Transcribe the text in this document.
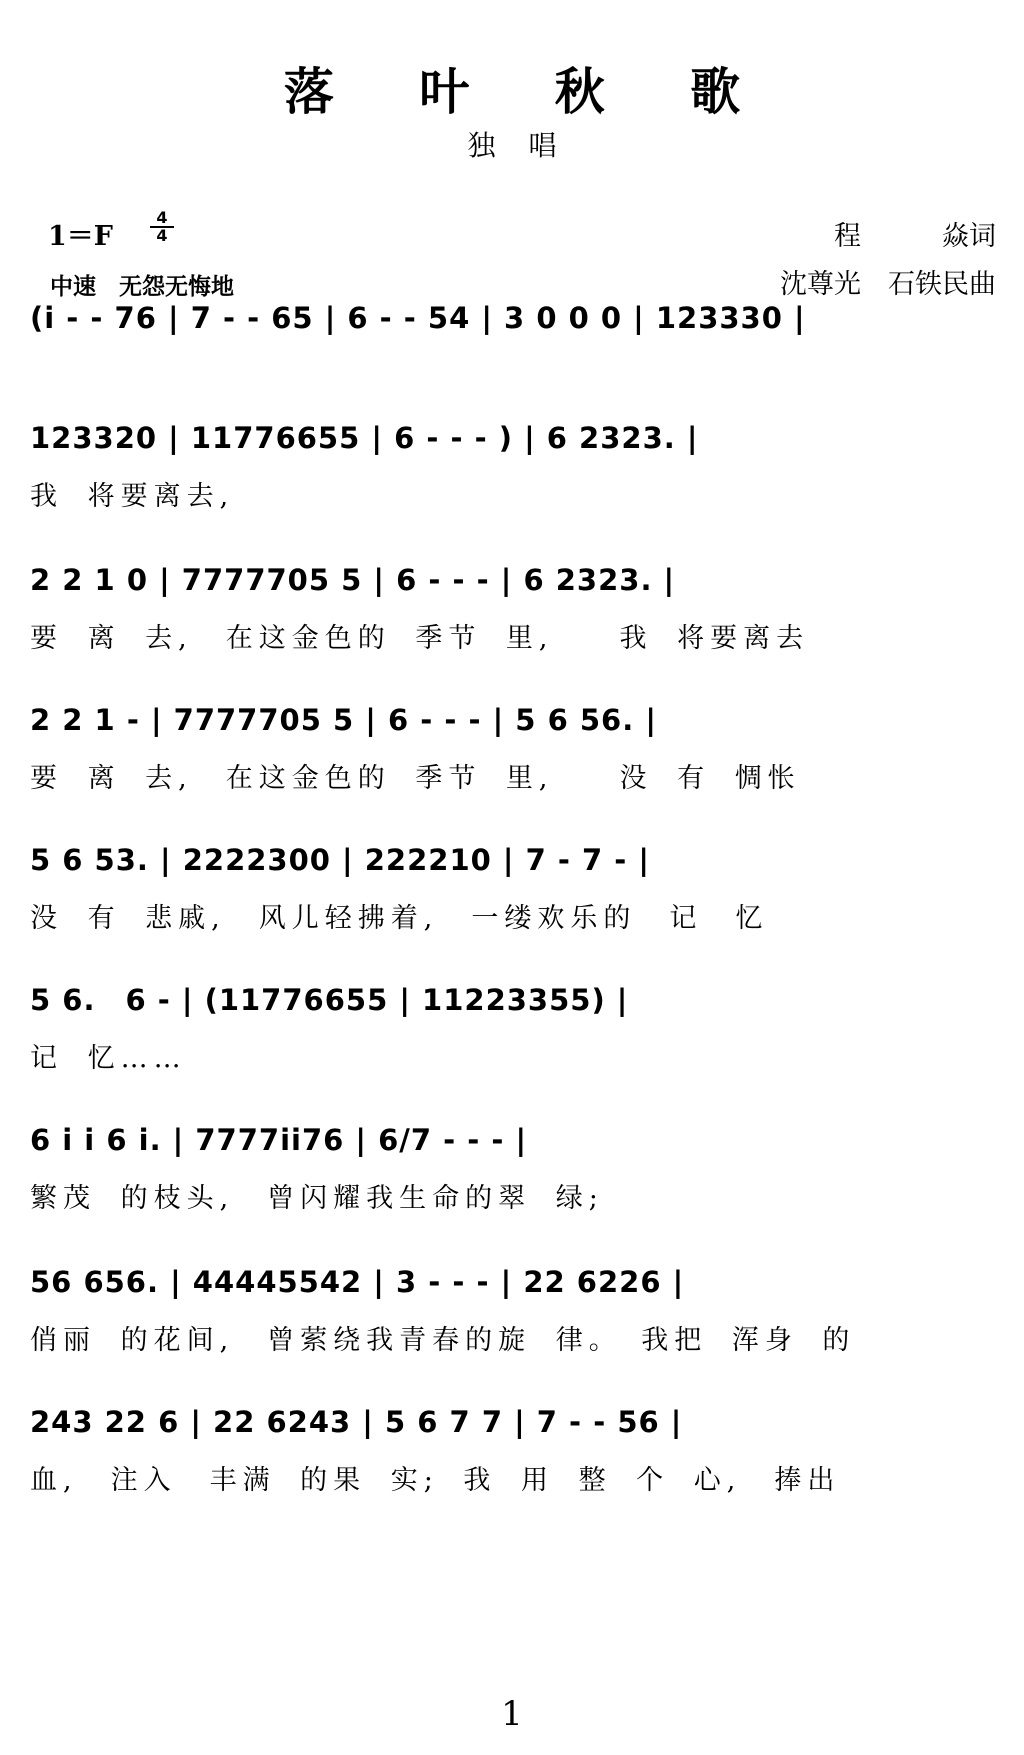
落 叶 秋 歌
独 唱
1＝F
4
4
中速　无怨无悔地
程　　　焱词
沈尊光　石铁民曲
(i - - 76 | 7 - - 65 | 6 - - 54 | 3 0 0 0 | 123330 |
123320 | 11776655 | 6 - - - ) | 6 2323. |
我 将要离去,
2 2 1 0 | 7777705 5 | 6 - - - | 6 2323. |
要 离 去,　在这金色的 季节 里,　　我 将要离去
2 2 1 - | 7777705 5 | 6 - - - | 5 6 56. |
要 离 去,　在这金色的 季节 里,　　没 有 惆怅
5 6 53. | 2222300 | 222210 | 7 - 7 - |
没 有 悲戚,　风儿轻拂着,　一缕欢乐的　记　忆
5 6.　6 - | (11776655 | 11223355) |
记 忆……
6 i i 6 i. | 7777ii76 | 6/7 - - - |
繁茂 的枝头,　曾闪耀我生命的翠 绿;
56 656. | 44445542 | 3 - - - | 22 6226 |
俏丽 的花间,　曾萦绕我青春的旋 律。　我把 浑身 的
243 22 6 | 22 6243 | 5 6 7 7 | 7 - - 56 |
血,　注入　丰满 的果 实; 我 用 整 个 心,　捧出
1
